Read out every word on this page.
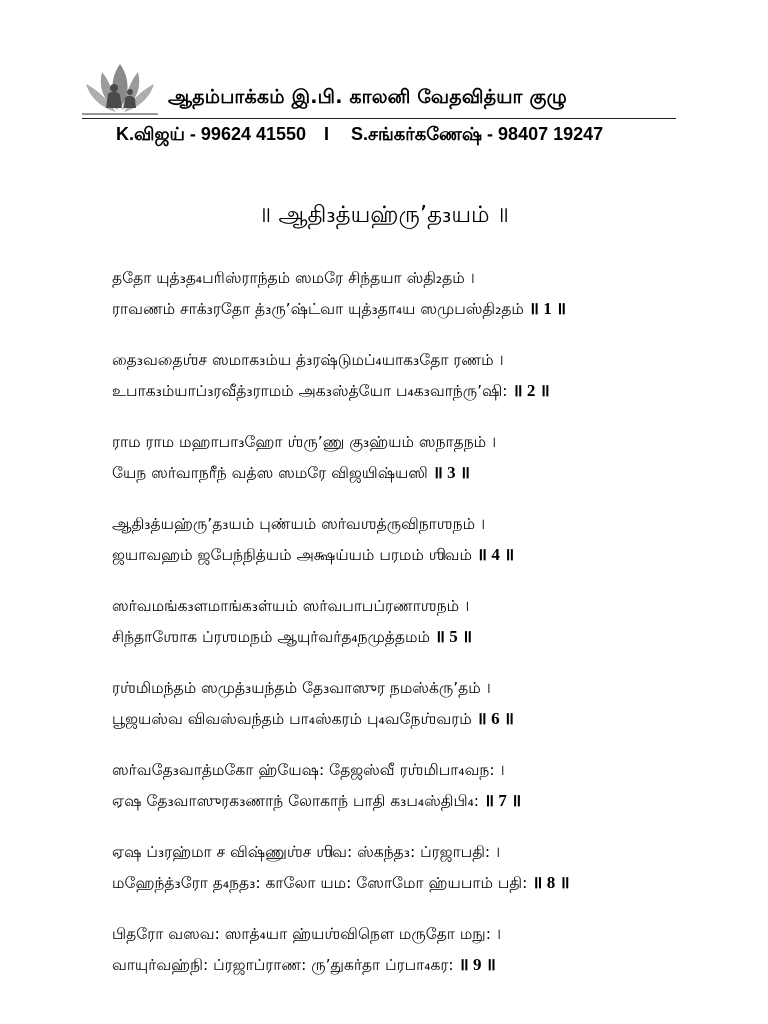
ஆதம்பாக்கம் இ.பி. காலனி வேதவித்யா குழு
K.விஜய் - 99624 41550 I S.சங்கர்கணேஷ் - 98407 19247
॥ ஆதி₃த்யஹ்ரு’த₃யம் ॥
ததோ யுத்₃த₄பரிஸ்ராந்தம் ஸமரே சிந்தயா ஸ்தி₂தம் ।
ராவணம் சாக்₃ரதோ த்₃ரு’ஷ்ட்வா யுத்₃தா₄ய ஸமுபஸ்தி₂தம் ॥ 1 ॥
தை₃வதைஶ்ச ஸமாக₃ம்ய த்₃ரஷ்டுமப்₄யாக₃தோ ரணம் ।
உபாக₃ம்யாப்₃ரவீத்₃ராமம் அக₃ஸ்த்யோ ப₄க₃வாந்ரு’ஷி: ॥ 2 ॥
ராம ராம மஹாபா₃ஹோ ஶ்ரு’ணு கு₃ஹ்யம் ஸநாதநம் ।
யேந ஸர்வாநரீந் வத்ஸ ஸமரே விஜயிஷ்யஸி ॥ 3 ॥
ஆதி₃த்யஹ்ரு’த₃யம் புண்யம் ஸர்வஶத்ருவிநாஶநம் ।
ஜயாவஹம் ஜபேந்நித்யம் அக்ஷய்யம் பரமம் ஶிவம் ॥ 4 ॥
ஸர்வமங்க₃ளமாங்க₃ள்யம் ஸர்வபாபப்ரணாஶநம் ।
சிந்தாஶோக ப்ரஶமநம் ஆயுர்வர்த₄நமுத்தமம் ॥ 5 ॥
ரஶ்மிமந்தம் ஸமுத்₃யந்தம் தே₃வாஸுர நமஸ்க்ரு’தம் ।
பூஜயஸ்வ விவஸ்வந்தம் பா₄ஸ்கரம் பு₄வநேஶ்வரம் ॥ 6 ॥
ஸர்வதே₃வாத்மகோ ஹ்யேஷ: தேஜஸ்வீ ரஶ்மிபா₄வந: ।
ஏஷ தே₃வாஸுரக₃ணாந் லோகாந் பாதி க₃ப₄ஸ்திபி₄: ॥ 7 ॥
ஏஷ ப்₃ரஹ்மா ச விஷ்ணுஶ்ச ஶிவ: ஸ்கந்த₃: ப்ரஜாபதி: ।
மஹேந்த்₃ரோ த₄நத₃: காலோ யம: ஸோமோ ஹ்யபாம் பதி: ॥ 8 ॥
பிதரோ வஸவ: ஸாத்₄யா ஹ்யஶ்விநௌ மருதோ மநு: ।
வாயுர்வஹ்நி: ப்ரஜாப்ராண: ரு’துகர்தா ப்ரபா₄கர: ॥ 9 ॥
